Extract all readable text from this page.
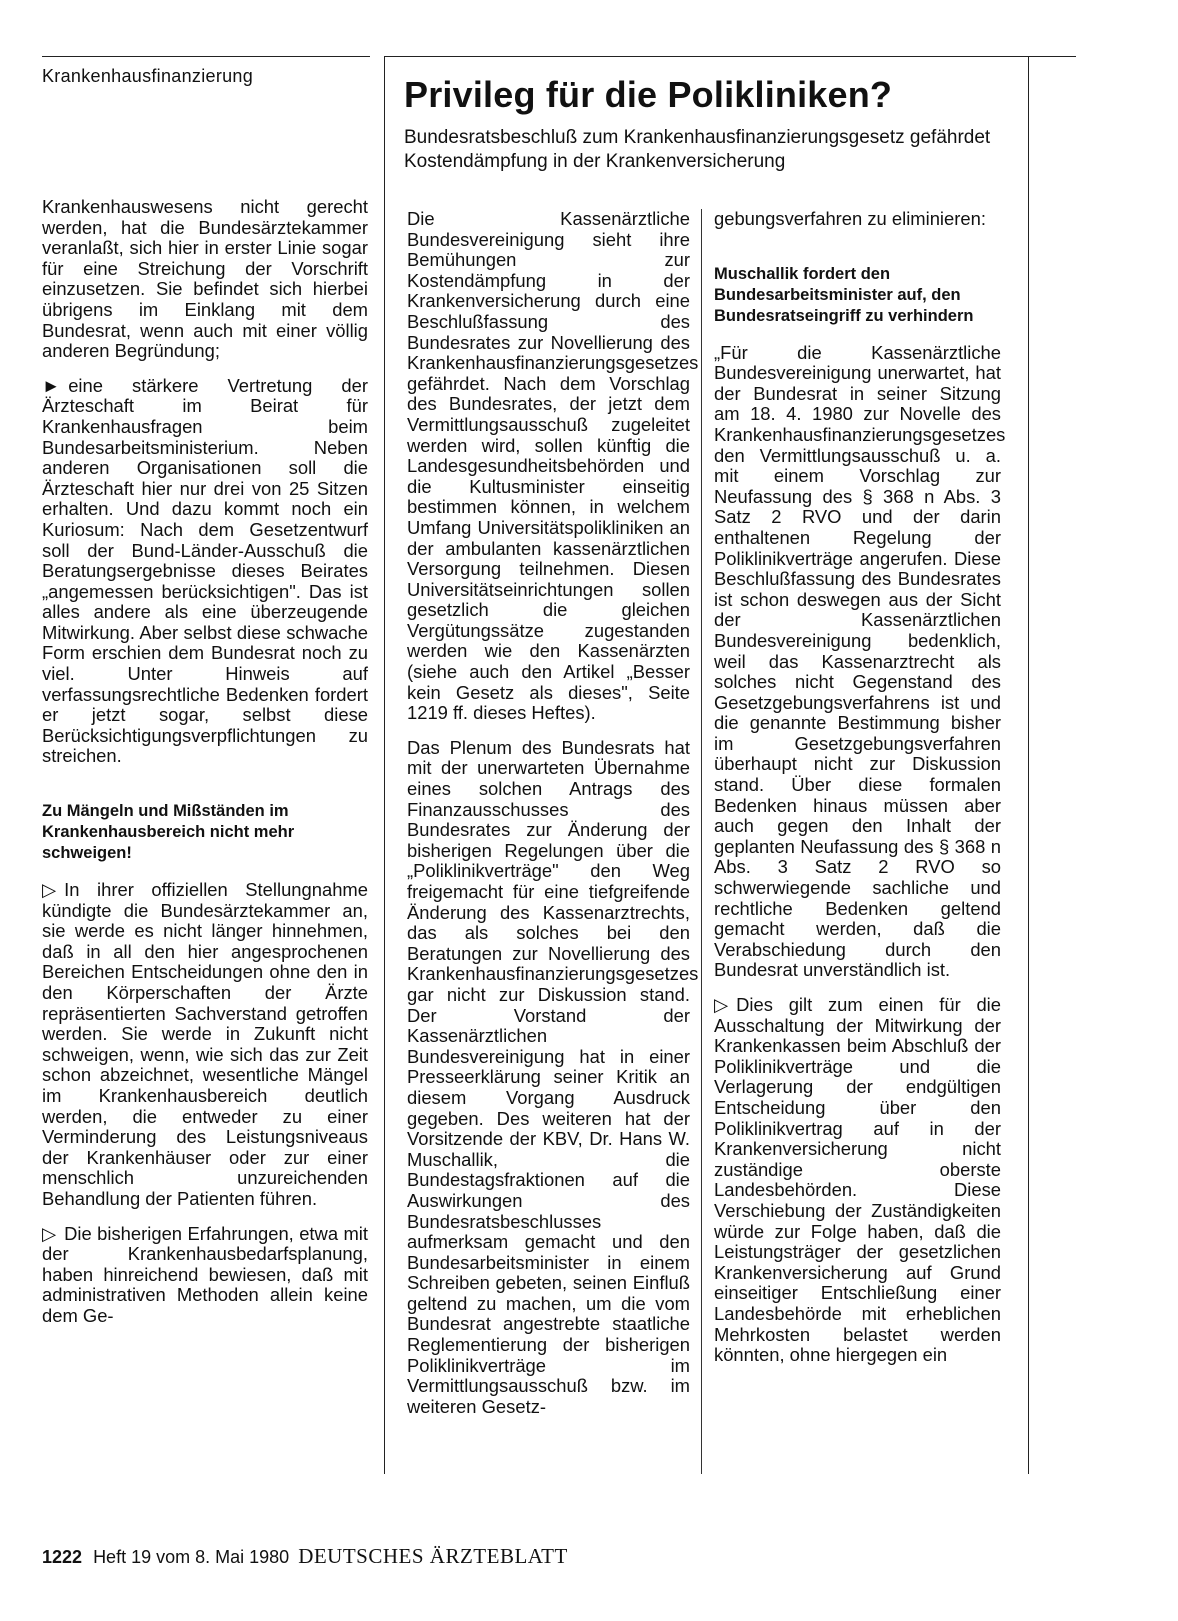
Krankenhausfinanzierung

Krankenhauswesens nicht gerecht werden, hat die Bundesärztekammer veranlaßt, sich hier in erster Linie sogar für eine Streichung der Vorschrift einzusetzen. Sie befindet sich hierbei übrigens im Einklang mit dem Bundesrat, wenn auch mit einer völlig anderen Begründung;

► eine stärkere Vertretung der Ärzteschaft im Beirat für Krankenhausfragen beim Bundesarbeitsministerium. Neben anderen Organisationen soll die Ärzteschaft hier nur drei von 25 Sitzen erhalten. Und dazu kommt noch ein Kuriosum: Nach dem Gesetzentwurf soll der Bund-Länder-Ausschuß die Beratungsergebnisse dieses Beirates „angemessen berücksichtigen". Das ist alles andere als eine überzeugende Mitwirkung. Aber selbst diese schwache Form erschien dem Bundesrat noch zu viel. Unter Hinweis auf verfassungsrechtliche Bedenken fordert er jetzt sogar, selbst diese Berücksichtigungsverpflichtungen zu streichen.

Zu Mängeln und Mißständen im Krankenhausbereich nicht mehr schweigen!

▷ In ihrer offiziellen Stellungnahme kündigte die Bundesärztekammer an, sie werde es nicht länger hinnehmen, daß in all den hier angesprochenen Bereichen Entscheidungen ohne den in den Körperschaften der Ärzte repräsentierten Sachverstand getroffen werden. Sie werde in Zukunft nicht schweigen, wenn, wie sich das zur Zeit schon abzeichnet, wesentliche Mängel im Krankenhausbereich deutlich werden, die entweder zu einer Verminderung des Leistungsniveaus der Krankenhäuser oder zur einer menschlich unzureichenden Behandlung der Patienten führen.

▷ Die bisherigen Erfahrungen, etwa mit der Krankenhausbedarfsplanung, haben hinreichend bewiesen, daß mit administrativen Methoden allein keine dem Ge-

Privileg für die Polikliniken?

Bundesratsbeschluß zum Krankenhausfinanzierungsgesetz gefährdet Kostendämpfung in der Krankenversicherung

Die Kassenärztliche Bundesvereinigung sieht ihre Bemühungen zur Kostendämpfung in der Krankenversicherung durch eine Beschlußfassung des Bundesrates zur Novellierung des Krankenhausfinanzierungsgesetzes gefährdet. Nach dem Vorschlag des Bundesrates, der jetzt dem Vermittlungsausschuß zugeleitet werden wird, sollen künftig die Landesgesundheitsbehörden und die Kultusminister einseitig bestimmen können, in welchem Umfang Universitätspolikliniken an der ambulanten kassenärztlichen Versorgung teilnehmen. Diesen Universitätseinrichtungen sollen gesetzlich die gleichen Vergütungssätze zugestanden werden wie den Kassenärzten (siehe auch den Artikel „Besser kein Gesetz als dieses", Seite 1219 ff. dieses Heftes).

Das Plenum des Bundesrats hat mit der unerwarteten Übernahme eines solchen Antrags des Finanzausschusses des Bundesrates zur Änderung der bisherigen Regelungen über die „Poliklinikverträge" den Weg freigemacht für eine tiefgreifende Änderung des Kassenarztrechts, das als solches bei den Beratungen zur Novellierung des Krankenhausfinanzierungsgesetzes gar nicht zur Diskussion stand. Der Vorstand der Kassenärztlichen Bundesvereinigung hat in einer Presseerklärung seiner Kritik an diesem Vorgang Ausdruck gegeben. Des weiteren hat der Vorsitzende der KBV, Dr. Hans W. Muschallik, die Bundestagsfraktionen auf die Auswirkungen des Bundesratsbeschlusses aufmerksam gemacht und den Bundesarbeitsminister in einem Schreiben gebeten, seinen Einfluß geltend zu machen, um die vom Bundesrat angestrebte staatliche Reglementierung der bisherigen Poliklinikverträge im Vermittlungsausschuß bzw. im weiteren Gesetz-

gebungsverfahren zu eliminieren:

Muschallik fordert den Bundesarbeitsminister auf, den Bundesratseingriff zu verhindern

„Für die Kassenärztliche Bundesvereinigung unerwartet, hat der Bundesrat in seiner Sitzung am 18. 4. 1980 zur Novelle des Krankenhausfinanzierungsgesetzes den Vermittlungsausschuß u. a. mit einem Vorschlag zur Neufassung des § 368 n Abs. 3 Satz 2 RVO und der darin enthaltenen Regelung der Poliklinikverträge angerufen. Diese Beschlußfassung des Bundesrates ist schon deswegen aus der Sicht der Kassenärztlichen Bundesvereinigung bedenklich, weil das Kassenarztrecht als solches nicht Gegenstand des Gesetzgebungsverfahrens ist und die genannte Bestimmung bisher im Gesetzgebungsverfahren überhaupt nicht zur Diskussion stand. Über diese formalen Bedenken hinaus müssen aber auch gegen den Inhalt der geplanten Neufassung des § 368 n Abs. 3 Satz 2 RVO so schwerwiegende sachliche und rechtliche Bedenken geltend gemacht werden, daß die Verabschiedung durch den Bundesrat unverständlich ist.

▷ Dies gilt zum einen für die Ausschaltung der Mitwirkung der Krankenkassen beim Abschluß der Poliklinikverträge und die Verlagerung der endgültigen Entscheidung über den Poliklinikvertrag auf in der Krankenversicherung nicht zuständige oberste Landesbehörden. Diese Verschiebung der Zuständigkeiten würde zur Folge haben, daß die Leistungsträger der gesetzlichen Krankenversicherung auf Grund einseitiger Entschließung einer Landesbehörde mit erheblichen Mehrkosten belastet werden könnten, ohne hiergegen ein

1222 Heft 19 vom 8. Mai 1980 DEUTSCHES ÄRZTEBLATT
